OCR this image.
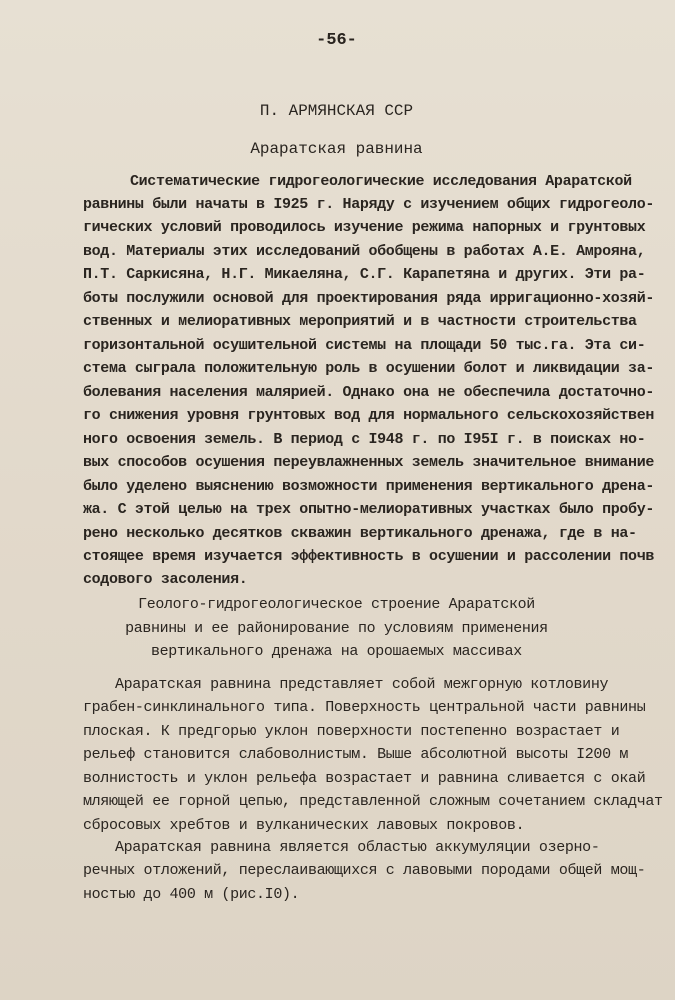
-56-
П. АРМЯНСКАЯ ССР
Араратская равнина
Систематические гидрогеологические исследования Араратской
равнины были начаты в I925 г. Наряду с изучением общих гидрогеоло-
гических условий проводилось изучение режима напорных и грунтовых
вод. Материалы этих исследований обобщены в работах А.Е. Амрояна,
П.Т. Саркисяна, Н.Г. Микаеляна, С.Г. Карапетяна и других. Эти ра-
боты послужили основой для проектирования ряда ирригационно-хозяй-
ственных и мелиоративных мероприятий и в частности строительства
горизонтальной осушительной системы на площади 50 тыс.га. Эта си-
стема сыграла положительную роль в осушении болот и ликвидации за-
болевания населения малярией. Однако она не обеспечила достаточно-
го снижения уровня грунтовых вод для нормального сельскохозяйствен
ного освоения земель. В период с I948 г. по I95I г. в поисках но-
вых способов осушения переувлажненных земель значительное внимание
было уделено выяснению возможности применения вертикального дрена-
жа. С этой целью на трех опытно-мелиоративных участках было пробу-
рено несколько десятков скважин вертикального дренажа, где в на-
стоящее время изучается эффективность в осушении и рассолении почв
содового засоления.
Геолого-гидрогеологическое строение Араратской
равнины и ее районирование по условиям применения
вертикального дренажа на орошаемых массивах
Араратская равнина представляет собой межгорную котловину
грабен-синклинального типа. Поверхность центральной части равнины
плоская. К предгорью уклон поверхности постепенно возрастает и
рельеф становится слабоволнистым. Выше абсолютной высоты I200 м
волнистость и уклон рельефа возрастает и равнина сливается с окай
мляющей ее горной цепью, представленной сложным сочетанием складчат
сбросовых хребтов и вулканических лавовых покровов.
Араратская равнина является областью аккумуляции озерно-
речных отложений, переслаивающихся с лавовыми породами общей мощ-
ностью до 400 м (рис.I0).
